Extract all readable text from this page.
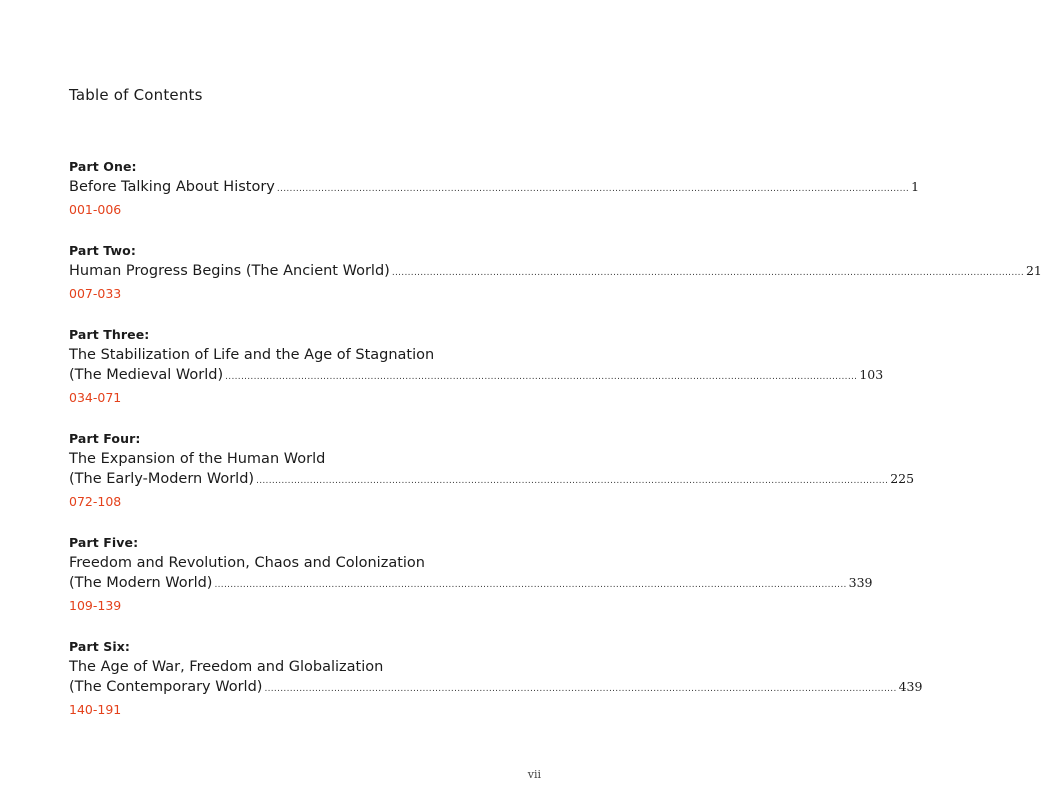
Table of Contents
Part One:
Before Talking About History ........................................................................................................................................................................................................ 1
001-006
Part Two:
Human Progress Begins (The Ancient World) ........................................................................................................................................................................................................ 21
007-033
Part Three:
The Stabilization of Life and the Age of Stagnation
(The Medieval World) ........................................................................................................................................................................................................ 103
034-071
Part Four:
The Expansion of the Human World
(The Early-Modern World) ........................................................................................................................................................................................................ 225
072-108
Part Five:
Freedom and Revolution, Chaos and Colonization
(The Modern World) ........................................................................................................................................................................................................ 339
109-139
Part Six:
The Age of War, Freedom and Globalization
(The Contemporary World) ........................................................................................................................................................................................................ 439
140-191
vii
